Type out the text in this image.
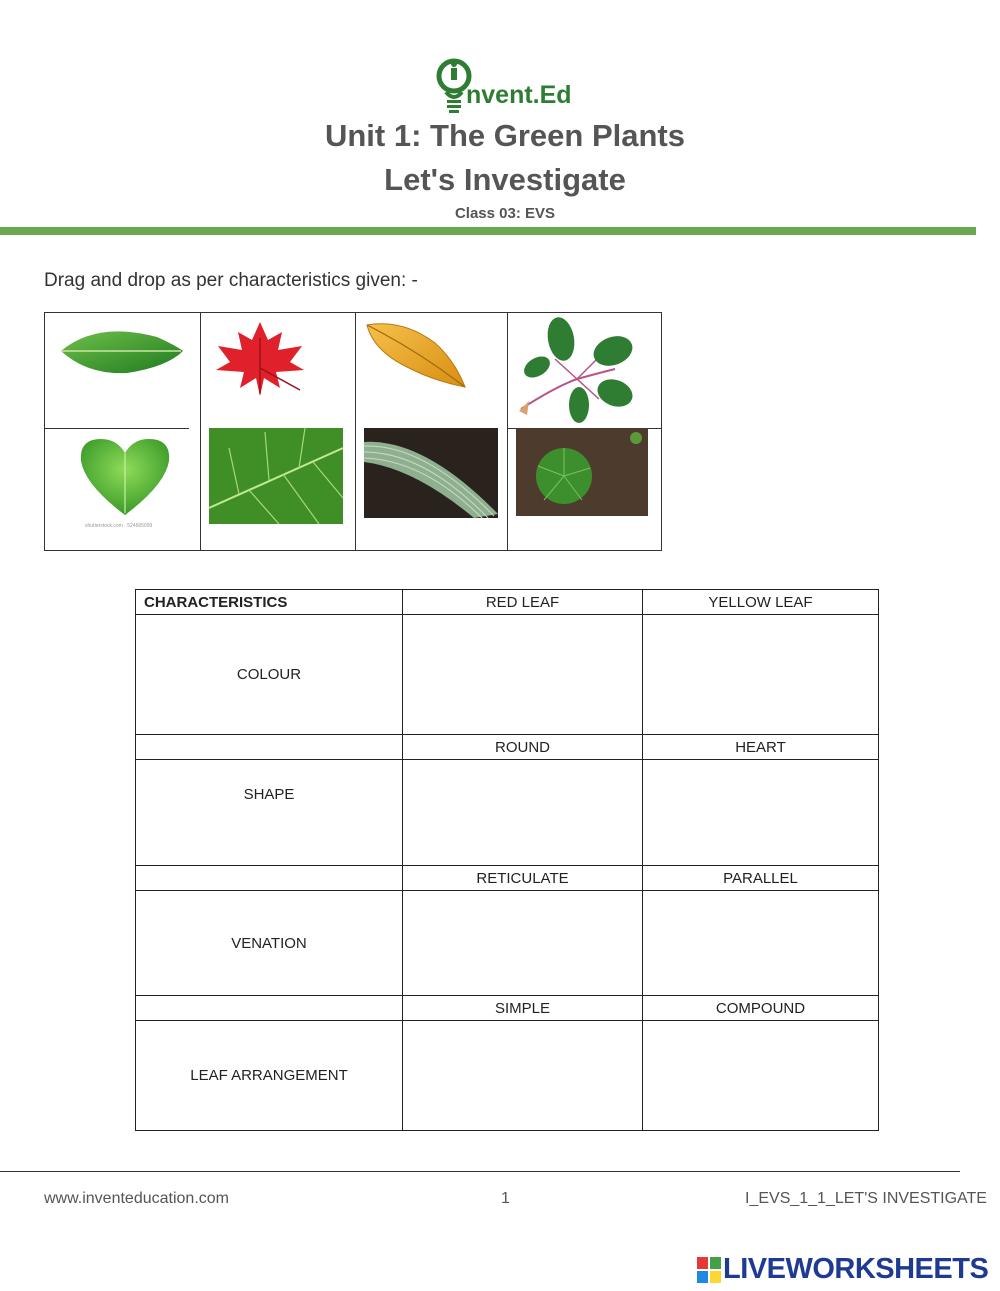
nvent.Ed
Unit 1: The Green Plants
Let's Investigate
Class 03: EVS
Drag and drop as per characteristics given: -
shutterstock.com · 524665099
CHARACTERISTICS	RED LEAF	YELLOW LEAF
COLOUR		
	ROUND	HEART
SHAPE		
	RETICULATE	PARALLEL
VENATION		
	SIMPLE	COMPOUND
LEAF ARRANGEMENT		
www.inventeducation.com	1	I_EVS_1_1_LET'S INVESTIGATE
LIVEWORKSHEETS
